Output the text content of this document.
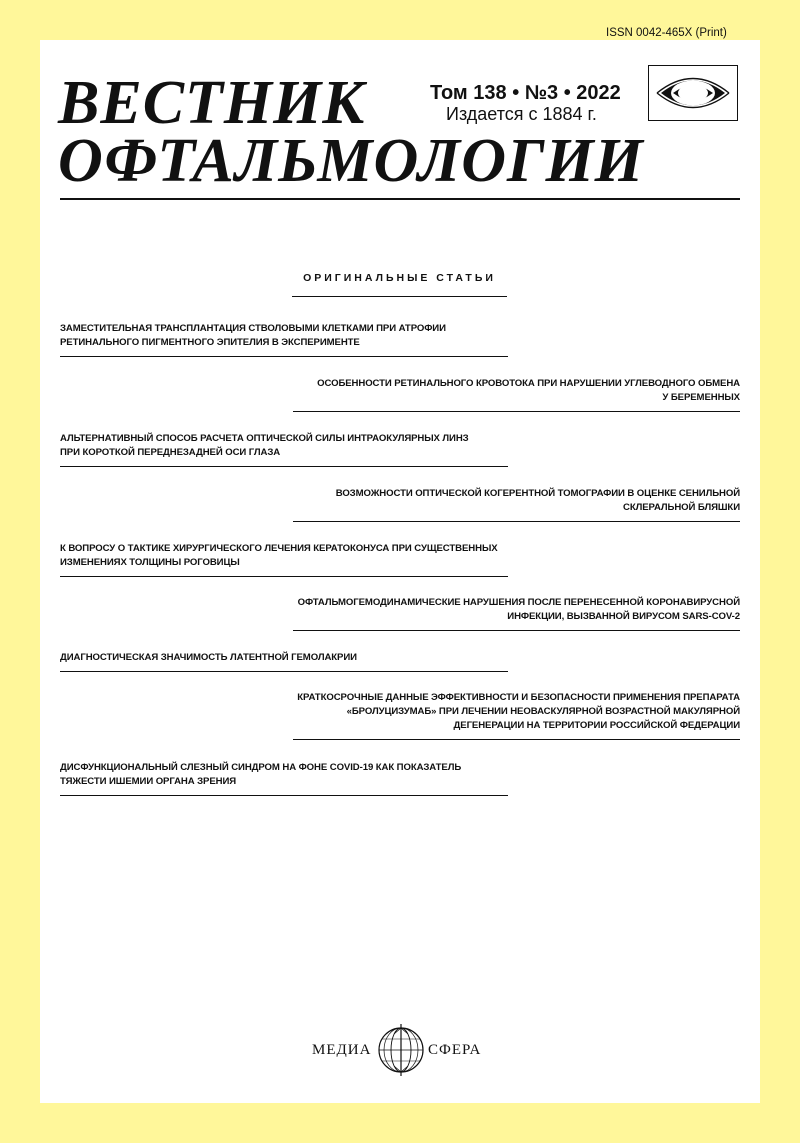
ISSN 0042-465X (Print)
ВЕСТНИК
ОФТАЛЬМОЛОГИИ
Том 138 • №3 • 2022
Издается с 1884 г.
ОРИГИНАЛЬНЫЕ СТАТЬИ
ЗАМЕСТИТЕЛЬНАЯ ТРАНСПЛАНТАЦИЯ СТВОЛОВЫМИ КЛЕТКАМИ ПРИ АТРОФИИ
РЕТИНАЛЬНОГО ПИГМЕНТНОГО ЭПИТЕЛИЯ В ЭКСПЕРИМЕНТЕ
ОСОБЕННОСТИ РЕТИНАЛЬНОГО КРОВОТОКА ПРИ НАРУШЕНИИ УГЛЕВОДНОГО ОБМЕНА
У БЕРЕМЕННЫХ
АЛЬТЕРНАТИВНЫЙ СПОСОБ РАСЧЕТА ОПТИЧЕСКОЙ СИЛЫ ИНТРАОКУЛЯРНЫХ ЛИНЗ
ПРИ КОРОТКОЙ ПЕРЕДНЕЗАДНЕЙ ОСИ ГЛАЗА
ВОЗМОЖНОСТИ ОПТИЧЕСКОЙ КОГЕРЕНТНОЙ ТОМОГРАФИИ В ОЦЕНКЕ СЕНИЛЬНОЙ
СКЛЕРАЛЬНОЙ БЛЯШКИ
К ВОПРОСУ О ТАКТИКЕ ХИРУРГИЧЕСКОГО ЛЕЧЕНИЯ КЕРАТОКОНУСА ПРИ СУЩЕСТВЕННЫХ
ИЗМЕНЕНИЯХ ТОЛЩИНЫ РОГОВИЦЫ
ОФТАЛЬМОГЕМОДИНАМИЧЕСКИЕ НАРУШЕНИЯ ПОСЛЕ ПЕРЕНЕСЕННОЙ КОРОНАВИРУСНОЙ
ИНФЕКЦИИ, ВЫЗВАННОЙ ВИРУСОМ SARS-COV-2
ДИАГНОСТИЧЕСКАЯ ЗНАЧИМОСТЬ ЛАТЕНТНОЙ ГЕМОЛАКРИИ
КРАТКОСРОЧНЫЕ ДАННЫЕ ЭФФЕКТИВНОСТИ И БЕЗОПАСНОСТИ ПРИМЕНЕНИЯ ПРЕПАРАТА
«БРОЛУЦИЗУМАБ» ПРИ ЛЕЧЕНИИ НЕОВАСКУЛЯРНОЙ ВОЗРАСТНОЙ МАКУЛЯРНОЙ
ДЕГЕНЕРАЦИИ НА ТЕРРИТОРИИ РОССИЙСКОЙ ФЕДЕРАЦИИ
ДИСФУНКЦИОНАЛЬНЫЙ СЛЕЗНЫЙ СИНДРОМ НА ФОНЕ COVID-19 КАК ПОКАЗАТЕЛЬ
ТЯЖЕСТИ ИШЕМИИ ОРГАНА ЗРЕНИЯ
МЕДИА	СФЕРА
